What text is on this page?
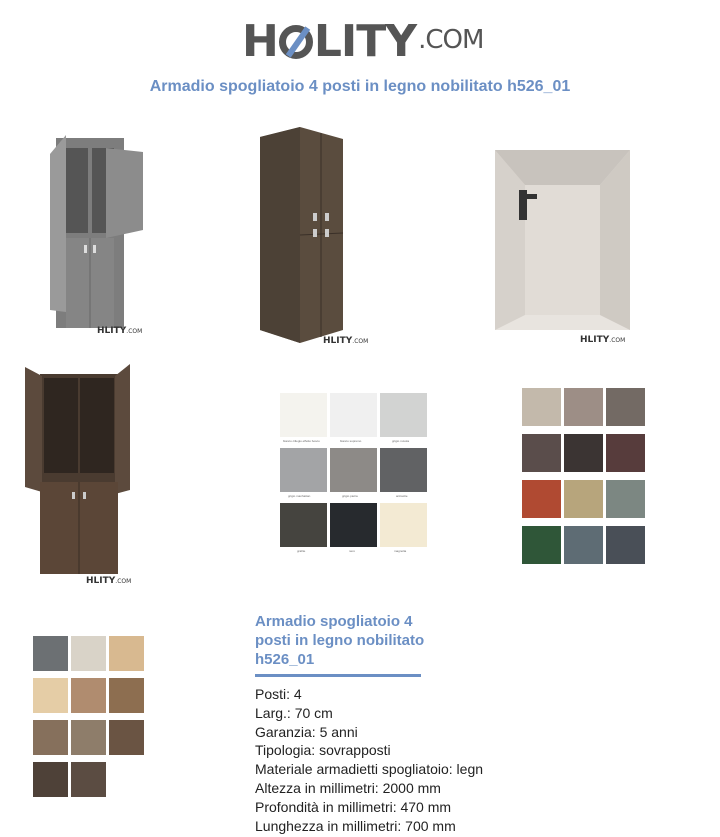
H LITY .COM
Armadio spogliatoio 4 posti in legno nobilitato h526_01
HLITY.COM
HLITY.COM	HLITY.COM
HLITY.COM
bianco ciliegio effetto bosco	bianco supremo	grigio nuvola
grigio manhattan	grigio pietra	antracite
grafite	nero	magnolia
Armadio spogliatoio 4 posti in legno nobilitato h526_01
Posti: 4
Larg.: 70 cm
Garanzia: 5 anni
Tipologia: sovrapposti
Materiale armadietti spogliatoio: legn
Altezza in millimetri: 2000 mm
Profondità in millimetri: 470 mm
Lunghezza in millimetri: 700 mm
